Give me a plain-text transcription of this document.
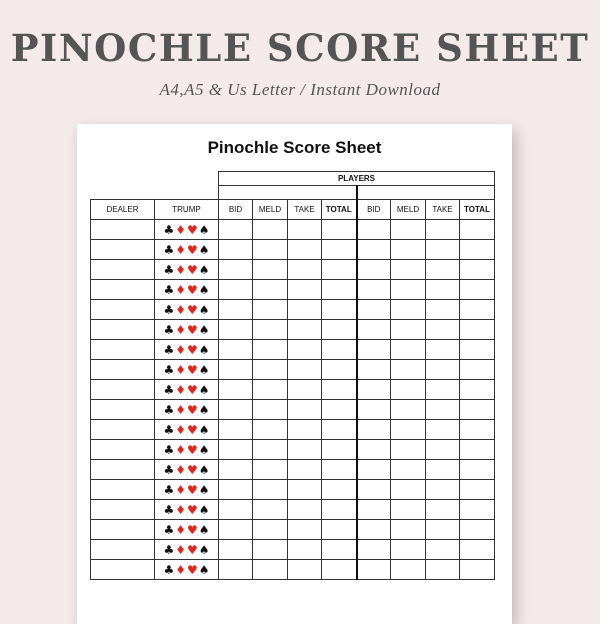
PINOCHLE SCORE SHEET
A4,A5 & Us Letter / Instant Download
Pinochle Score Sheet
		PLAYERS							

DEALER	TRUMP	BID	MELD	TAKE	TOTAL	BID	MELD	TAKE	TOTAL
	♣♦♥♠								
	♣♦♥♠								
	♣♦♥♠								
	♣♦♥♠								
	♣♦♥♠								
	♣♦♥♠								
	♣♦♥♠								
	♣♦♥♠								
	♣♦♥♠								
	♣♦♥♠								
	♣♦♥♠								
	♣♦♥♠								
	♣♦♥♠								
	♣♦♥♠								
	♣♦♥♠								
	♣♦♥♠								
	♣♦♥♠								
	♣♦♥♠								
